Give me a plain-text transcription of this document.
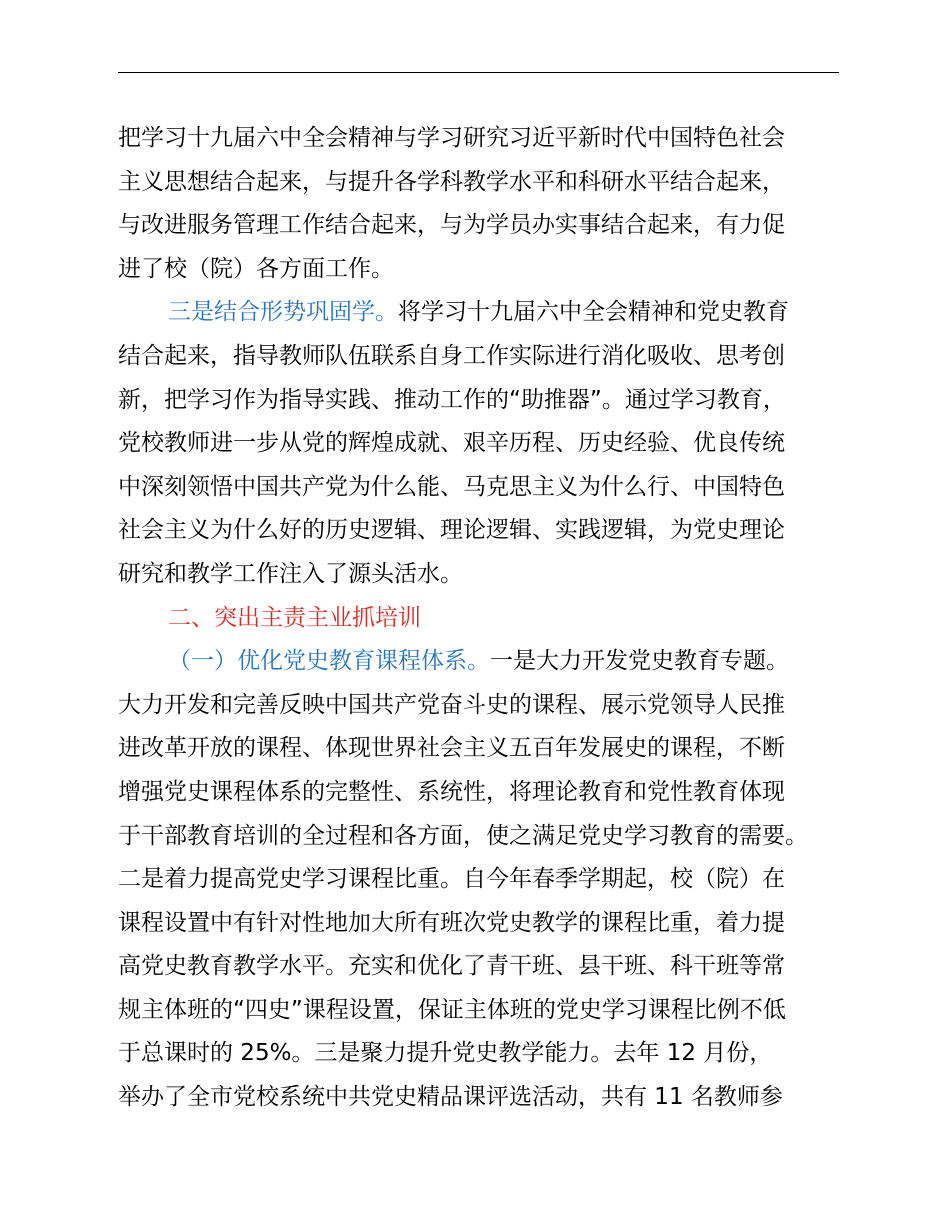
把学习十九届六中全会精神与学习研究习近平新时代中国特色社会
主义思想结合起来，与提升各学科教学水平和科研水平结合起来，
与改进服务管理工作结合起来，与为学员办实事结合起来，有力促
进了校（院）各方面工作。
三是结合形势巩固学。将学习十九届六中全会精神和党史教育
结合起来，指导教师队伍联系自身工作实际进行消化吸收、思考创
新，把学习作为指导实践、推动工作的“助推器”。通过学习教育，
党校教师进一步从党的辉煌成就、艰辛历程、历史经验、优良传统
中深刻领悟中国共产党为什么能、马克思主义为什么行、中国特色
社会主义为什么好的历史逻辑、理论逻辑、实践逻辑，为党史理论
研究和教学工作注入了源头活水。
二、突出主责主业抓培训
（一）优化党史教育课程体系。一是大力开发党史教育专题。
大力开发和完善反映中国共产党奋斗史的课程、展示党领导人民推
进改革开放的课程、体现世界社会主义五百年发展史的课程，不断
增强党史课程体系的完整性、系统性，将理论教育和党性教育体现
于干部教育培训的全过程和各方面，使之满足党史学习教育的需要。
二是着力提高党史学习课程比重。自今年春季学期起，校（院）在
课程设置中有针对性地加大所有班次党史教学的课程比重，着力提
高党史教育教学水平。充实和优化了青干班、县干班、科干班等常
规主体班的“四史”课程设置，保证主体班的党史学习课程比例不低
于总课时的 25%。三是聚力提升党史教学能力。去年 12 月份，
举办了全市党校系统中共党史精品课评选活动，共有 11 名教师参
